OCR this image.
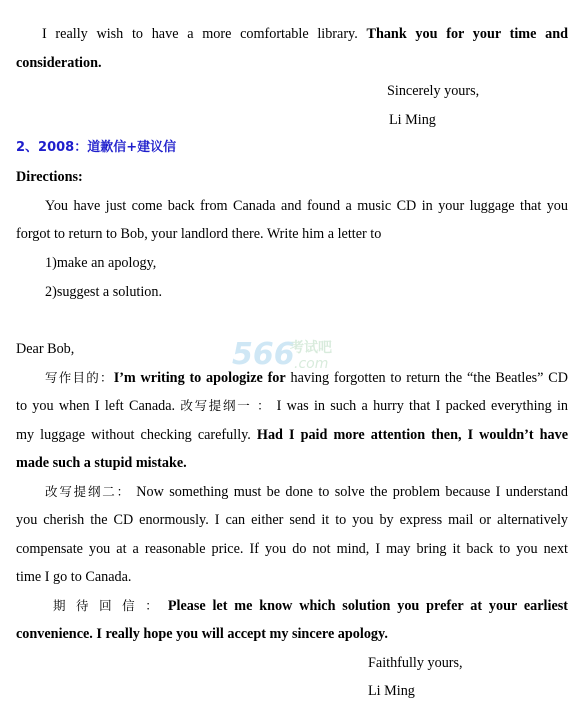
I really wish to have a more comfortable library. Thank you for your time and
consideration.
Sincerely yours,
Li Ming
2、2008：道歉信+建议信
Directions:
You have just come back from Canada and found a music CD in your luggage that you
forgot to return to Bob, your landlord there. Write him a letter to
1)make an apology,
2)suggest a solution.
566
考试吧
.com
Dear Bob,
写作目的：I’m writing to apologize for having forgotten to return the “the Beatles” CD
to you when I left Canada. 改写提纲一 ： I was in such a hurry that I packed everything in
my luggage without checking carefully. Had I paid more attention then, I wouldn’t have
made such a stupid mistake.
改写提纲二： Now something must be done to solve the problem because I understand
you cherish the CD enormously. I can either send it to you by express mail or alternatively
compensate you at a reasonable price. If you do not mind, I may bring it back to you next
time I go to Canada.
期 待 回 信 ： Please let me know which solution you prefer at your earliest
convenience. I really hope you will accept my sincere apology.
Faithfully yours,
Li Ming
